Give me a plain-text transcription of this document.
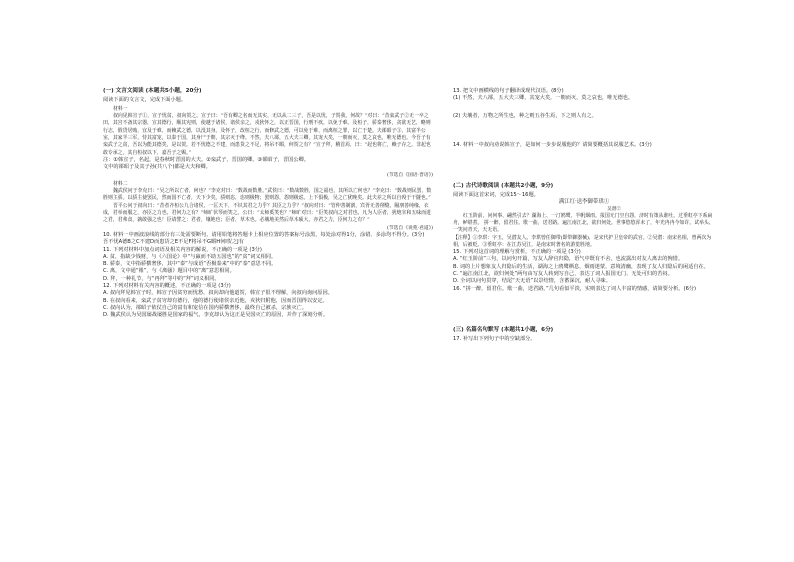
(一) 文言文阅读 (本题共5小题，20分)

阅读下面的文言文，完成下面小题。

材料一

叔向见韩宣子①，宣子忧贫，叔向贺之。宣子曰：“吾有卿之名而无其实，无以从二三子，吾是以忧，子贺我，何故？”对曰：“昔栾武子②无一卒之田，其宫不备其宗器，宣其德行，顺其宪则，使越于诸侯，诸侯亲之，戎狄怀之，以正晋国，行刑不疚，以免于难。及桓子，骄泰奢侈，贪欲无艺，略则行志，假贷居贿，宜及于难，而赖武之德，以没其身。及怀子，改桓之行，而修武之德，可以免于难，而离桓之罪，以亡于楚。夫郤昭子③，其富半公室，其家半三军，恃其富宠，以泰于国，其身尸于朝，其宗灭于绛。不然，夫八郤，五大夫三卿，其宠大矣，一朝而灭，莫之哀也，唯无德也。今吾子有栾武子之贫，吾以为能其德矣，是以贺。若不忧德之不建，而患货之不足，将吊不暇，何贺之有？”宣子拜，稽首焉，曰：“起也将亡，赖子存之。非起也敢专承之，其自桓叔以下，嘉吾子之赐。”

注：①韩宣子，名起，是春秋时晋国的大夫。②栾武子，晋国的卿。③郤昭子，晋国公卿。

文中的郤昭子及其子孙(共八个)都是大夫和卿。

(节选自《国语·晋语》)

材料二

魏武侯问于李克曰：“吴之所以亡者，何也？”李克对曰：“数战而数胜。”武侯曰：“数战数胜，国之福也，其所以亡何也？”李克曰：“数战则民罢，数胜则主骄。以骄主使罢民，然而国不亡者，天下少矣。骄则恣，恣则极物；罢则怨，怨则极虑。上下俱极，吴之亡犹晚矣。此夫差之所以自殁于干隧也。”

晋平公问于叔向曰：“昔者齐桓公九合诸侯，一匡天下，不识其君之力乎？其臣之力乎？”叔向对曰：“管仲善制割，宾胥无善削缝，隰朋善纯缘，衣成，君举而服之，亦臣之力也，君何力之有？”师旷伏琴而笑之。公曰：“太师奚笑也？”师旷对曰：“臣笑叔向之对君也。凡为人臣者，犹炮宰和五味而进之君，君弗食，孰敢强之也！臣请譬之：君者，壤地也；臣者，草木也。必壤地美然后草木硕大，亦君之力，臣何力之有？”

(节选自《说苑·君道》)

10. 材料一中画波浪线的部分有三处需要断句，请用铅笔将答题卡上相应位置的答案标号涂黑，每处涂对得1分，涂错、多涂均不得分。(3分)

吾不忧A德B之C不建D而患货之E不足F将吊不G暇H何I贺之J有

11. 下列对材料中加点词语及相关内容的解说，不正确的一项是 (3分)

A. 贫，指缺少钱财，与《六国论》中“与嬴而不助五国也”的“贫”词义相同。

B. 骄泰，文中指骄横奢侈，其中“泰”与成语“否极泰来”中的“泰”意思不同。

C. 离，文中通“罹”，与《离骚》题目中的“离”意思相同。

D. 拜，一种礼节，与“再拜”等中的“拜”词义相同。

12. 下列对材料有关内容的概述，不正确的一项是 (3分)

A. 叔向拜见韩宣子时，韩宣子因贫穷而忧愁，叔向却向他道贺，韩宣子很不理解，向叔向询问原因。

B. 在叔向看来，栾武子贫穷却有德行，他的德行使诸侯亲近他，戎狄归附他，因而晋国得以安定。

C. 叔向认为，郤昭子依仗自己的富有和宠信在国内骄横奢侈，最终自己被杀，宗族灭亡。

D. 魏武侯认为吴国屡战屡胜是国家的福气，李克却认为这正是吴国灭亡的原因，并作了深刻分析。

13. 把文中画横线的句子翻译成现代汉语。(8分)

(1) 不然，夫八郤，五大夫三卿，其宠大矣，一朝而灭，莫之哀也，唯无德也。

(2) 夫壤者，万物之所生也，种之则五谷生焉，下之则人有之。

14. 材料一中叔向劝说韩宣子，是如何一步步说服他的？请简要概括其说服艺术。(3分)

(二) 古代诗歌阅读 (本题共2小题，9分)

阅读下面这首宋词，完成15～16题。

满江红·送李御带珙①

吴潜②

红玉阶前，问何事、翩然引去？湖海上、一汀鸥鹭，半帆烟雨。报国无门空自怨，济时有策从谁吐。过垂虹亭下系扁舟，鲈堪煮。 拼一醉，留君住。歌一曲，送君路。遍江南江北，欲归何处。世事悠悠浑未了，年光冉冉今如许。试举头、一笑问青天，天无语。

【注释】①李珙：字玉，吴潜友人。李珙曾任御带(即带御器械)，是宋代护卫皇帝的武官。②吴潜：南宋名相，曾两次为相，后被贬。③垂虹亭：在江苏吴江，是南宋时著名的游览胜地。

15. 下列对这首词的理解与赏析，不正确的一项是 (3分)

A. “红玉阶前”三句，以问句开篇，写友人辞官归隐，语气中既有不舍，也流露出对友人离去的惋惜。

B. 词的上片想象友人归隐后的生活，湖海之上鸥鹭栖息，烟雨迷蒙，意境清幽，表现了友人归隐后的闲适自在。

C. “遍江南江北，欲归何处”两句由写友人转到写自己，表达了词人报国无门、无处可归的苦闷。

D. 全词以问句贯穿，结尾“天无语”以景结情，含蓄深沉，耐人寻味。

16. “拼一醉，留君住。歌一曲，送君路。”几句看似平淡，实则表达了词人丰富的情感，请简要分析。(6分)

(三) 名篇名句默写 (本题共1小题，6分)

17. 补写出下列句子中的空缺部分。
